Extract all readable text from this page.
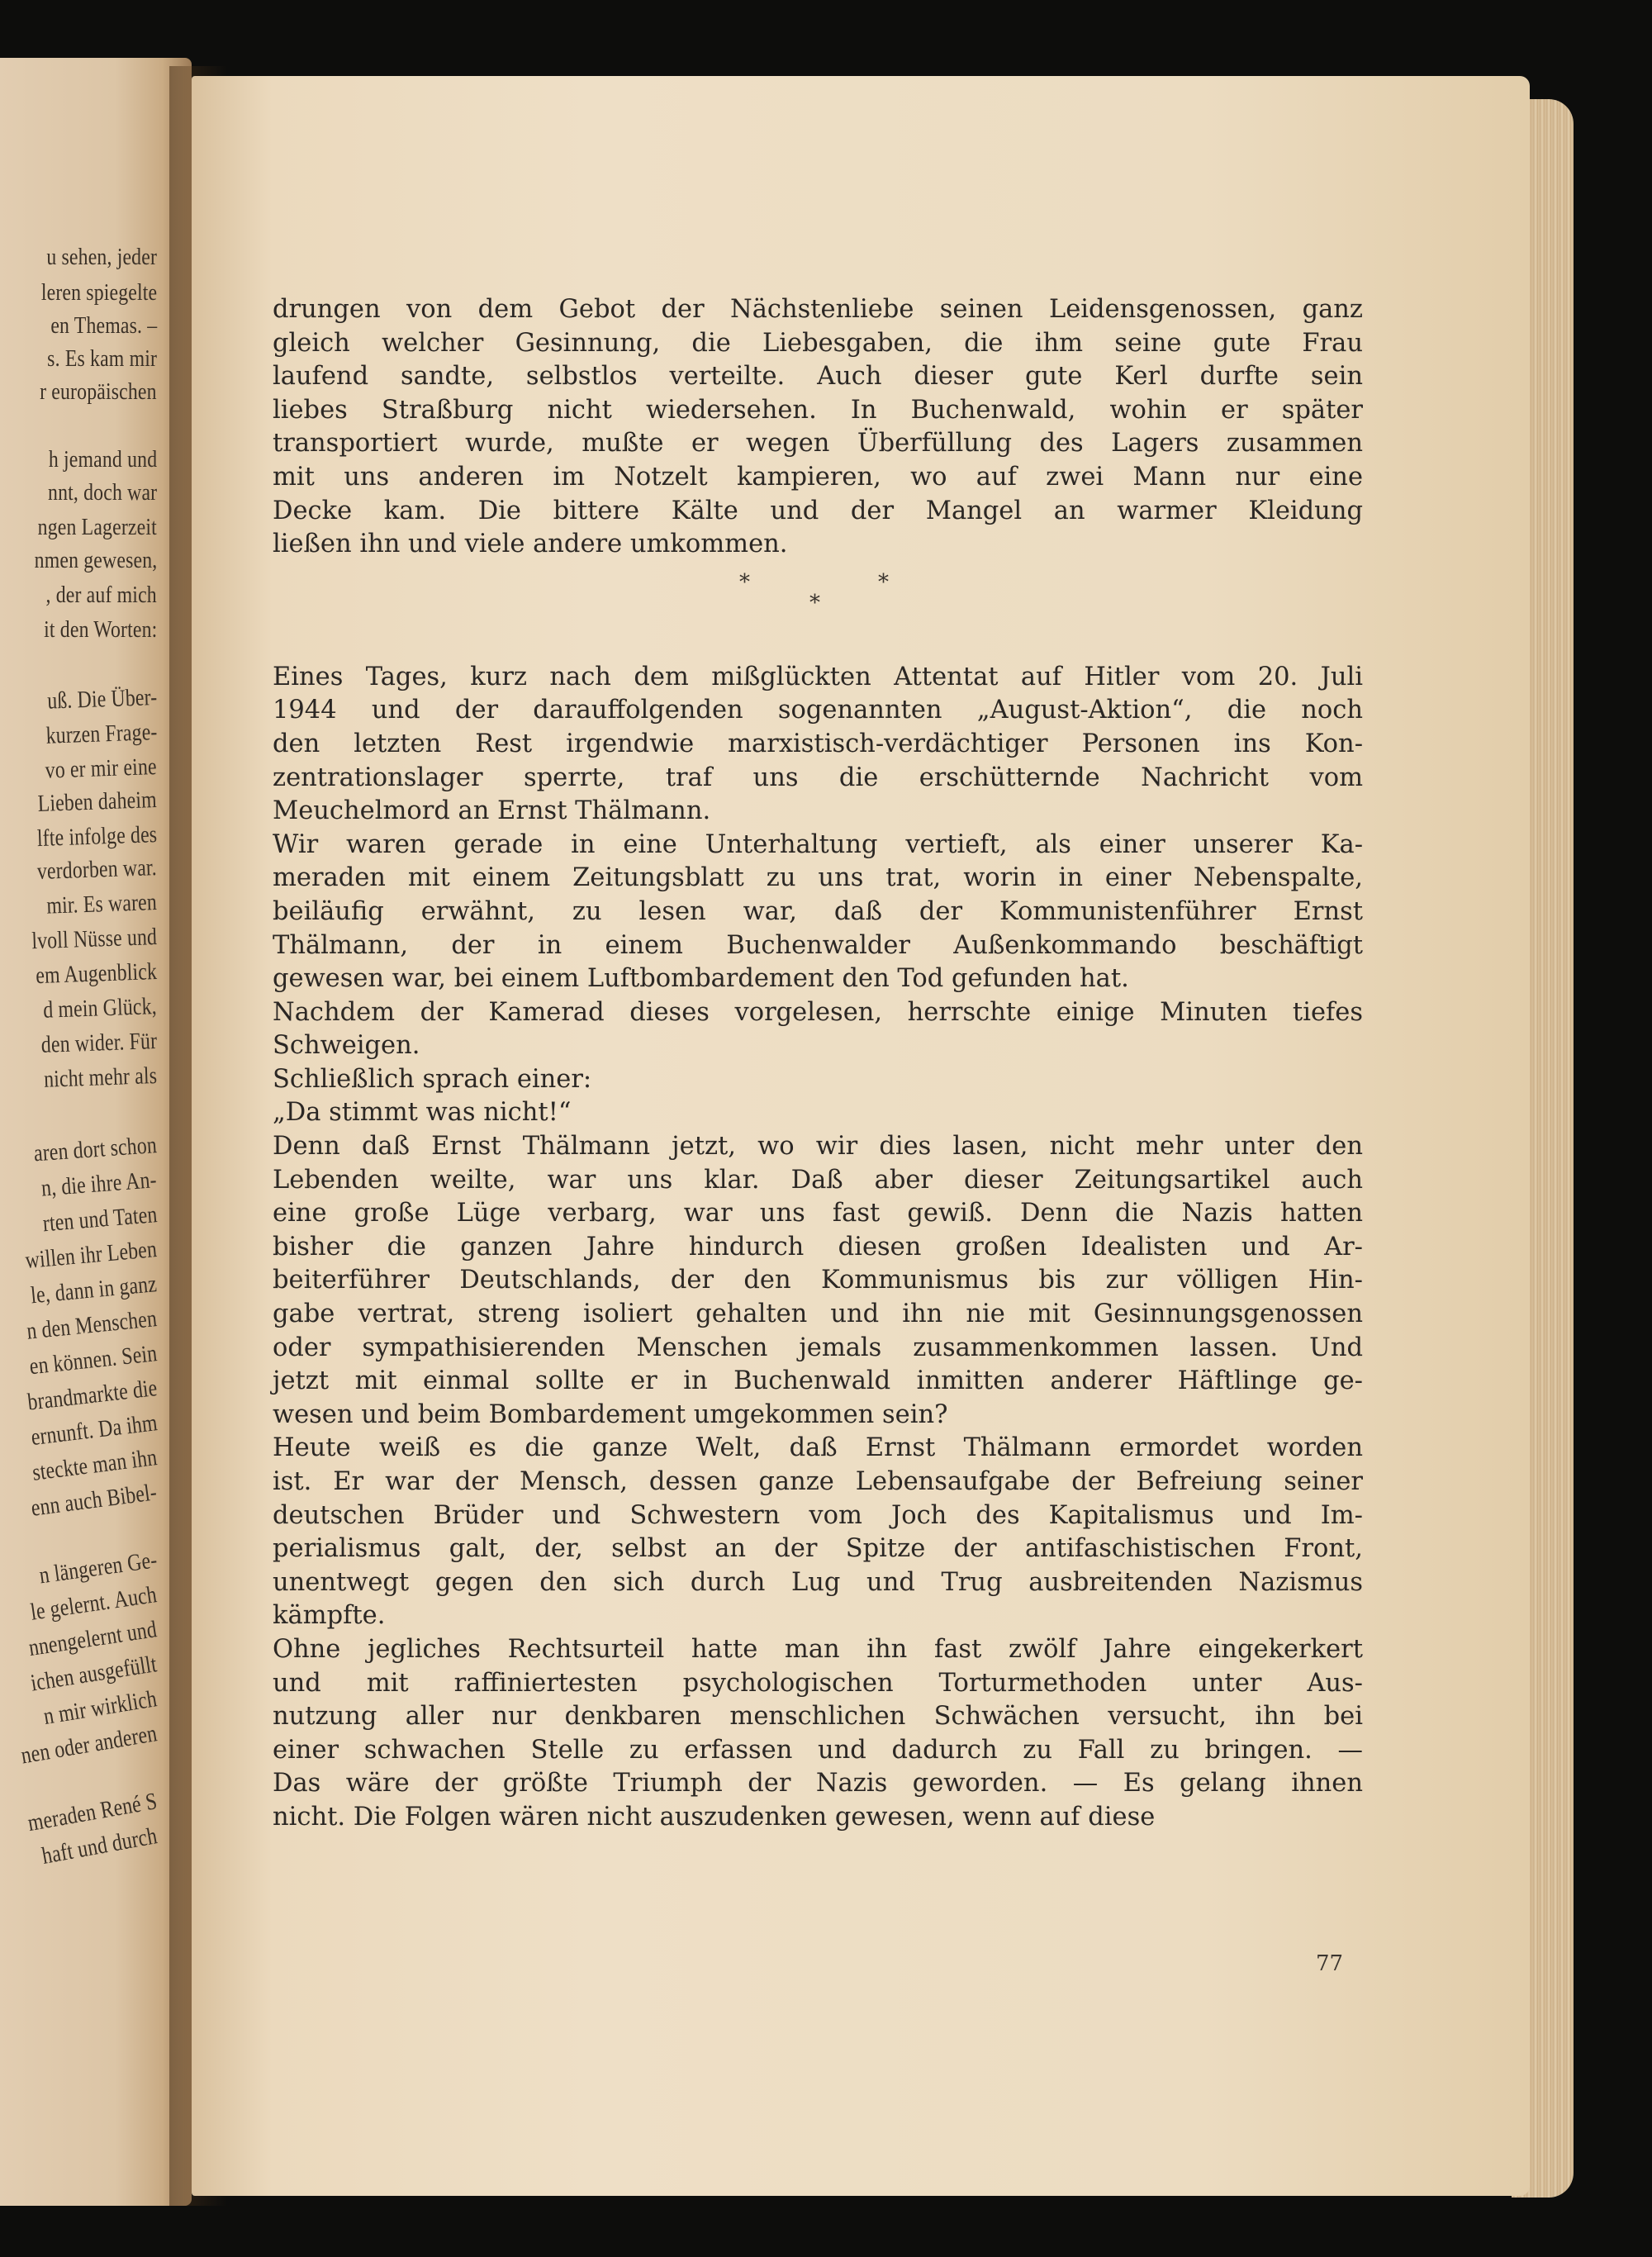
u sehen, jeder
leren spiegelte
en Themas. –
s. Es kam mir
r europäischen
h jemand und
nnt, doch war
ngen Lagerzeit
nmen gewesen,
, der auf mich
it den Worten:
uß. Die Über-
kurzen Frage-
vo er mir eine
Lieben daheim
lfte infolge des
verdorben war.
mir. Es waren
lvoll Nüsse und
em Augenblick
d mein Glück,
den wider. Für
nicht mehr als
aren dort schon
n, die ihre An-
rten und Taten
willen ihr Leben
le, dann in ganz
n den Menschen
en können. Sein
brandmarkte die
ernunft. Da ihm
steckte man ihn
enn auch Bibel-
n längeren Ge-
le gelernt. Auch
nnengelernt und
ichen ausgefüllt
n mir wirklich
nen oder anderen
meraden René S
haft und durch
drungen von dem Gebot der Nächstenliebe seinen Leidensgenossen, ganz
gleich welcher Gesinnung, die Liebesgaben, die ihm seine gute Frau
laufend sandte, selbstlos verteilte. Auch dieser gute Kerl durfte sein
liebes Straßburg nicht wiedersehen. In Buchenwald, wohin er später
transportiert wurde, mußte er wegen Überfüllung des Lagers zusammen
mit uns anderen im Notzelt kampieren, wo auf zwei Mann nur eine
Decke kam. Die bittere Kälte und der Mangel an warmer Kleidung
ließen ihn und viele andere umkommen.
*	*
*
Eines Tages, kurz nach dem mißglückten Attentat auf Hitler vom 20. Juli
1944 und der darauffolgenden sogenannten „August-Aktion“, die noch
den letzten Rest irgendwie marxistisch-verdächtiger Personen ins Kon-
zentrationslager sperrte, traf uns die erschütternde Nachricht vom
Meuchelmord an Ernst Thälmann.
Wir waren gerade in eine Unterhaltung vertieft, als einer unserer Ka-
meraden mit einem Zeitungsblatt zu uns trat, worin in einer Nebenspalte,
beiläufig erwähnt, zu lesen war, daß der Kommunistenführer Ernst
Thälmann, der in einem Buchenwalder Außenkommando beschäftigt
gewesen war, bei einem Luftbombardement den Tod gefunden hat.
Nachdem der Kamerad dieses vorgelesen, herrschte einige Minuten tiefes
Schweigen.
Schließlich sprach einer:
„Da stimmt was nicht!“
Denn daß Ernst Thälmann jetzt, wo wir dies lasen, nicht mehr unter den
Lebenden weilte, war uns klar. Daß aber dieser Zeitungsartikel auch
eine große Lüge verbarg, war uns fast gewiß. Denn die Nazis hatten
bisher die ganzen Jahre hindurch diesen großen Idealisten und Ar-
beiterführer Deutschlands, der den Kommunismus bis zur völligen Hin-
gabe vertrat, streng isoliert gehalten und ihn nie mit Gesinnungsgenossen
oder sympathisierenden Menschen jemals zusammenkommen lassen. Und
jetzt mit einmal sollte er in Buchenwald inmitten anderer Häftlinge ge-
wesen und beim Bombardement umgekommen sein?
Heute weiß es die ganze Welt, daß Ernst Thälmann ermordet worden
ist. Er war der Mensch, dessen ganze Lebensaufgabe der Befreiung seiner
deutschen Brüder und Schwestern vom Joch des Kapitalismus und Im-
perialismus galt, der, selbst an der Spitze der antifaschistischen Front,
unentwegt gegen den sich durch Lug und Trug ausbreitenden Nazismus
kämpfte.
Ohne jegliches Rechtsurteil hatte man ihn fast zwölf Jahre eingekerkert
und mit raffiniertesten psychologischen Torturmethoden unter Aus-
nutzung aller nur denkbaren menschlichen Schwächen versucht, ihn bei
einer schwachen Stelle zu erfassen und dadurch zu Fall zu bringen. —
Das wäre der größte Triumph der Nazis geworden. — Es gelang ihnen
nicht. Die Folgen wären nicht auszudenken gewesen, wenn auf diese
77
